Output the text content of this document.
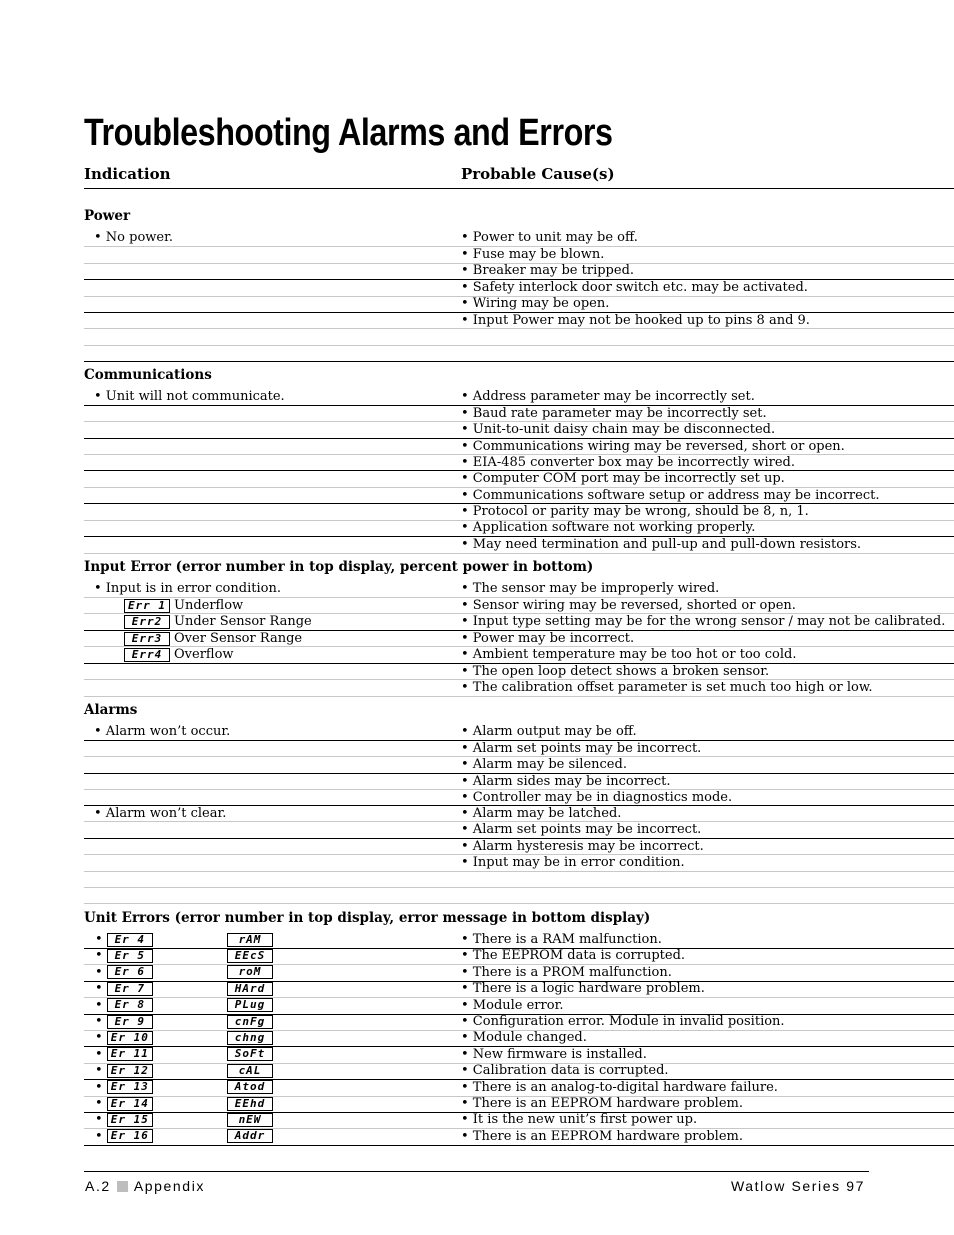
Troubleshooting Alarms and Errors
Indication	Probable Cause(s)
Power
• No power.	• Power to unit may be off.
• Fuse may be blown.
• Breaker may be tripped.
• Safety interlock door switch etc. may be activated.
• Wiring may be open.
• Input Power may not be hooked up to pins 8 and 9.
Communications
• Unit will not communicate.	• Address parameter may be incorrectly set.
• Baud rate parameter may be incorrectly set.
• Unit-to-unit daisy chain may be disconnected.
• Communications wiring may be reversed, short or open.
• EIA-485 converter box may be incorrectly wired.
• Computer COM port may be incorrectly set up.
• Communications software setup or address may be incorrect.
• Protocol or parity may be wrong, should be 8, n, 1.
• Application software not working properly.
• May need termination and pull-up and pull-down resistors.
Input Error (error number in top display, percent power in bottom)
• Input is in error condition.	• The sensor may be improperly wired.
Err 1 Underflow	• Sensor wiring may be reversed, shorted or open.
Err2 Under Sensor Range	• Input type setting may be for the wrong sensor / may not be calibrated.
Err3 Over Sensor Range	• Power may be incorrect.
Err4 Overflow	• Ambient temperature may be too hot or too cold.
• The open loop detect shows a broken sensor.
• The calibration offset parameter is set much too high or low.
Alarms
• Alarm won’t occur.	• Alarm output may be off.
• Alarm set points may be incorrect.
• Alarm may be silenced.
• Alarm sides may be incorrect.
• Controller may be in diagnostics mode.
• Alarm won’t clear.	• Alarm may be latched.
• Alarm set points may be incorrect.
• Alarm hysteresis may be incorrect.
• Input may be in error condition.
Unit Errors (error number in top display, error message in bottom display)
• Er 4	rAM	• There is a RAM malfunction.
• Er 5	EEcS	• The EEPROM data is corrupted.
• Er 6	roM	• There is a PROM malfunction.
• Er 7	HArd	• There is a logic hardware problem.
• Er 8	PLug	• Module error.
• Er 9	cnFg	• Configuration error. Module in invalid position.
• Er 10	chng	• Module changed.
• Er 11	SoFt	• New firmware is installed.
• Er 12	cAL	• Calibration data is corrupted.
• Er 13	Atod	• There is an analog-to-digital hardware failure.
• Er 14	EEhd	• There is an EEPROM hardware problem.
• Er 15	nEW	• It is the new unit’s first power up.
• Er 16	Addr	• There is an EEPROM hardware problem.
A.2 Appendix	Watlow Series 97
